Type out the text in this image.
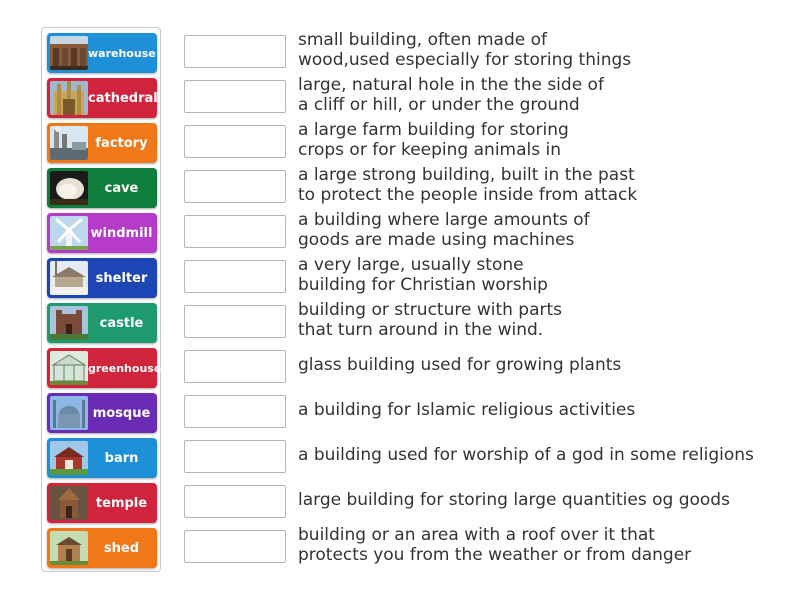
warehouse
cathedral
factory
cave
windmill
shelter
castle
greenhouse
mosque
barn
temple
shed
small building, often made of
wood,used especially for storing things
large, natural hole in the the side of
a cliff or hill, or under the ground
a large farm building for storing
crops or for keeping animals in
a large strong building, built in the past
to protect the people inside from attack
a building where large amounts of
goods are made using machines
a very large, usually stone
building for Christian worship
building or structure with parts
that turn around in the wind.
glass building used for growing plants
a building for Islamic religious activities
a building used for worship of a god in some religions
large building for storing large quantities og goods
building or an area with a roof over it that
protects you from the weather or from danger
